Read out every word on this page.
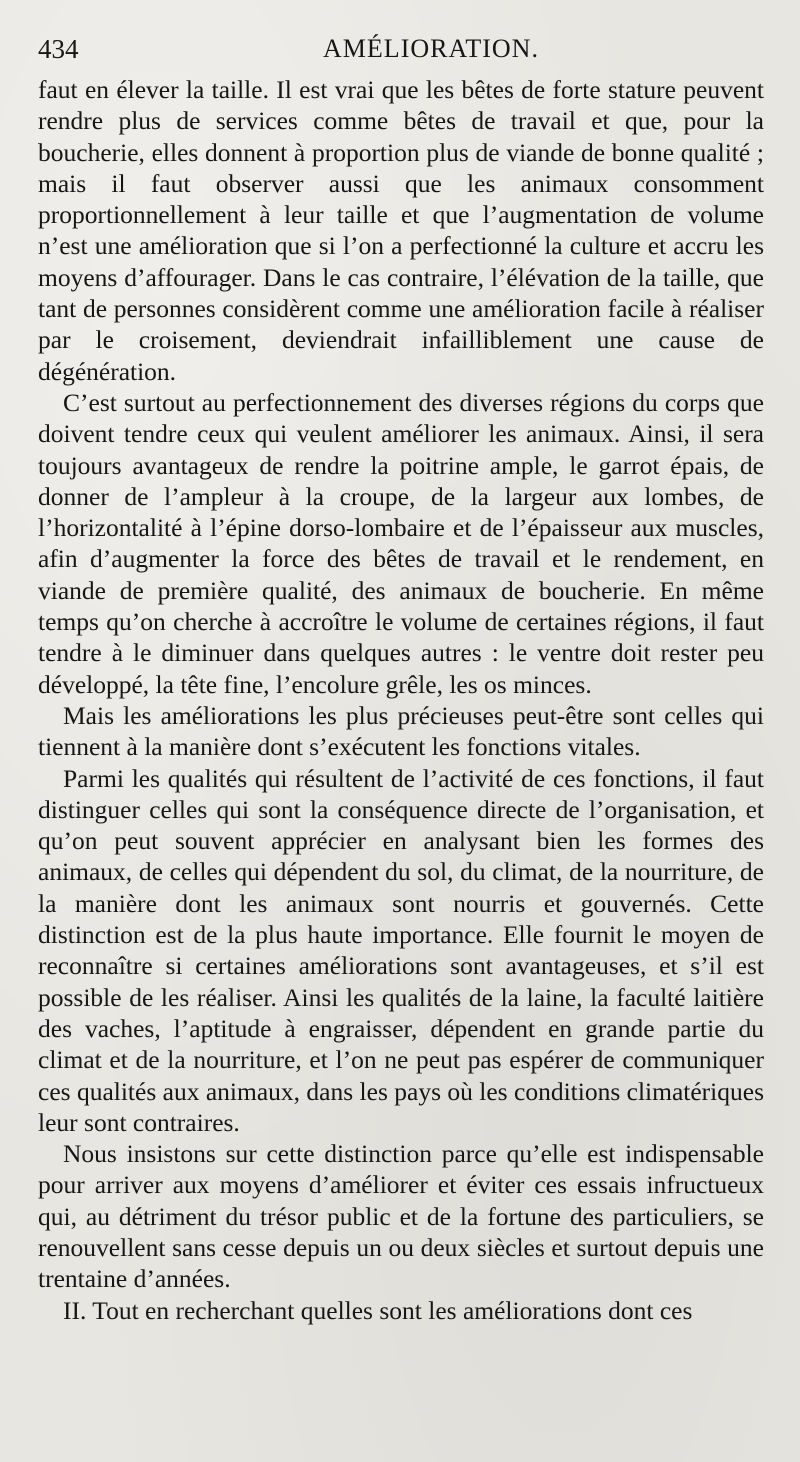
434	AMÉLIORATION.

faut en élever la taille. Il est vrai que les bêtes de forte stature peuvent rendre plus de services comme bêtes de travail et que, pour la boucherie, elles donnent à proportion plus de viande de bonne qualité ; mais il faut observer aussi que les animaux consomment proportionnellement à leur taille et que l’augmentation de volume n’est une amélioration que si l’on a perfectionné la culture et accru les moyens d’affourager. Dans le cas contraire, l’élévation de la taille, que tant de personnes considèrent comme une amélioration facile à réaliser par le croisement, deviendrait infailliblement une cause de dégénération.

C’est surtout au perfectionnement des diverses régions du corps que doivent tendre ceux qui veulent améliorer les animaux. Ainsi, il sera toujours avantageux de rendre la poitrine ample, le garrot épais, de donner de l’ampleur à la croupe, de la largeur aux lombes, de l’horizontalité à l’épine dorso-lombaire et de l’épaisseur aux muscles, afin d’augmenter la force des bêtes de travail et le rendement, en viande de première qualité, des animaux de boucherie. En même temps qu’on cherche à accroître le volume de certaines régions, il faut tendre à le diminuer dans quelques autres : le ventre doit rester peu développé, la tête fine, l’encolure grêle, les os minces.

Mais les améliorations les plus précieuses peut-être sont celles qui tiennent à la manière dont s’exécutent les fonctions vitales.

Parmi les qualités qui résultent de l’activité de ces fonctions, il faut distinguer celles qui sont la conséquence directe de l’organisation, et qu’on peut souvent apprécier en analysant bien les formes des animaux, de celles qui dépendent du sol, du climat, de la nourriture, de la manière dont les animaux sont nourris et gouvernés. Cette distinction est de la plus haute importance. Elle fournit le moyen de reconnaître si certaines améliorations sont avantageuses, et s’il est possible de les réaliser. Ainsi les qualités de la laine, la faculté laitière des vaches, l’aptitude à engraisser, dépendent en grande partie du climat et de la nourriture, et l’on ne peut pas espérer de communiquer ces qualités aux animaux, dans les pays où les conditions climatériques leur sont contraires.

Nous insistons sur cette distinction parce qu’elle est indispensable pour arriver aux moyens d’améliorer et éviter ces essais infructueux qui, au détriment du trésor public et de la fortune des particuliers, se renouvellent sans cesse depuis un ou deux siècles et surtout depuis une trentaine d’années.

II. Tout en recherchant quelles sont les améliorations dont ces
